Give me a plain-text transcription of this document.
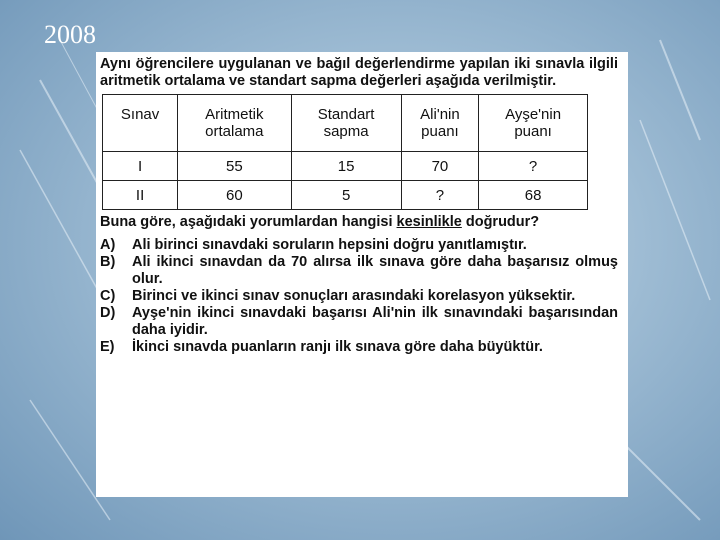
2008

Aynı öğrencilere uygulanan ve bağıl değerlendirme yapılan iki sınavla ilgili aritmetik ortalama ve standart sapma değerleri aşağıda verilmiştir.

Sınav	Aritmetik	Standart	Ali'nin	Ayşe'nin
	ortalama	sapma	puanı	puanı
I	55	15	70	?
II	60	5	?	68

Buna göre, aşağıdaki yorumlardan hangisi kesinlikle doğrudur?

A)	Ali birinci sınavdaki soruların hepsini doğru yanıtlamıştır.
B)	Ali ikinci sınavdan da 70 alırsa ilk sınava göre daha başarısız olmuş olur.
C)	Birinci ve ikinci sınav sonuçları arasındaki korelasyon yüksektir.
D)	Ayşe'nin ikinci sınavdaki başarısı Ali'nin ilk sınavındaki başarısından daha iyidir.
E)	İkinci sınavda puanların ranjı ilk sınava göre daha büyüktür.
